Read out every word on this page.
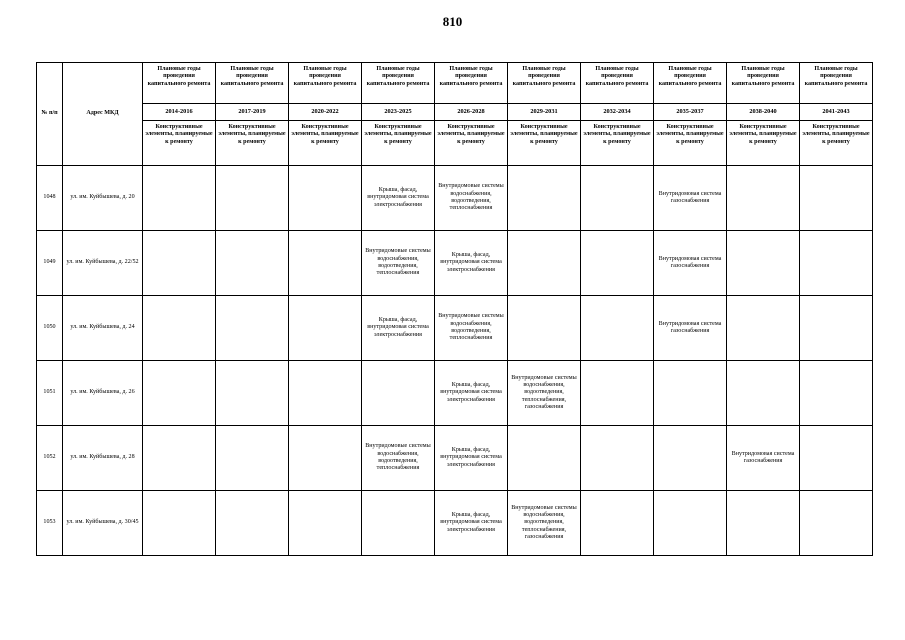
810
№ п/п	Адрес МКД	Плановые годы проведения капитального ремонта	Плановые годы проведения капитального ремонта	Плановые годы проведения капитального ремонта	Плановые годы проведения капитального ремонта	Плановые годы проведения капитального ремонта	Плановые годы проведения капитального ремонта	Плановые годы проведения капитального ремонта	Плановые годы проведения капитального ремонта	Плановые годы проведения капитального ремонта	Плановые годы проведения капитального ремонта
		2014-2016	2017-2019	2020-2022	2023-2025	2026-2028	2029-2031	2032-2034	2035-2037	2038-2040	2041-2043
		Конструктивные элементы, планируемые к ремонту	Конструктивные элементы, планируемые к ремонту	Конструктивные элементы, планируемые к ремонту	Конструктивные элементы, планируемые к ремонту	Конструктивные элементы, планируемые к ремонту	Конструктивные элементы, планируемые к ремонту	Конструктивные элементы, планируемые к ремонту	Конструктивные элементы, планируемые к ремонту	Конструктивные элементы, планируемые к ремонту	Конструктивные элементы, планируемые к ремонту
1048	ул. им. Куйбышева, д. 20				Крыша, фасад, внутридомовая система электроснабжения	Внутридомовые системы водоснабжения, водоотведения, теплоснабжения			Внутридомовая система газоснабжения		
1049	ул. им. Куйбышева, д. 22/52				Внутридомовые системы водоснабжения, водоотведения, теплоснабжения	Крыша, фасад, внутридомовая система электроснабжения			Внутридомовая система газоснабжения		
1050	ул. им. Куйбышева, д. 24				Крыша, фасад, внутридомовая система электроснабжения	Внутридомовые системы водоснабжения, водоотведения, теплоснабжения			Внутридомовая система газоснабжения		
1051	ул. им. Куйбышева, д. 26					Крыша, фасад, внутридомовая система электроснабжения	Внутридомовые системы водоснабжения, водоотведения, теплоснабжения, газоснабжения				
1052	ул. им. Куйбышева, д. 28				Внутридомовые системы водоснабжения, водоотведения, теплоснабжения	Крыша, фасад, внутридомовая система электроснабжения				Внутридомовая система газоснабжения	
1053	ул. им. Куйбышева, д. 30/45					Крыша, фасад, внутридомовая система электроснабжения	Внутридомовые системы водоснабжения, водоотведения, теплоснабжения, газоснабжения				
